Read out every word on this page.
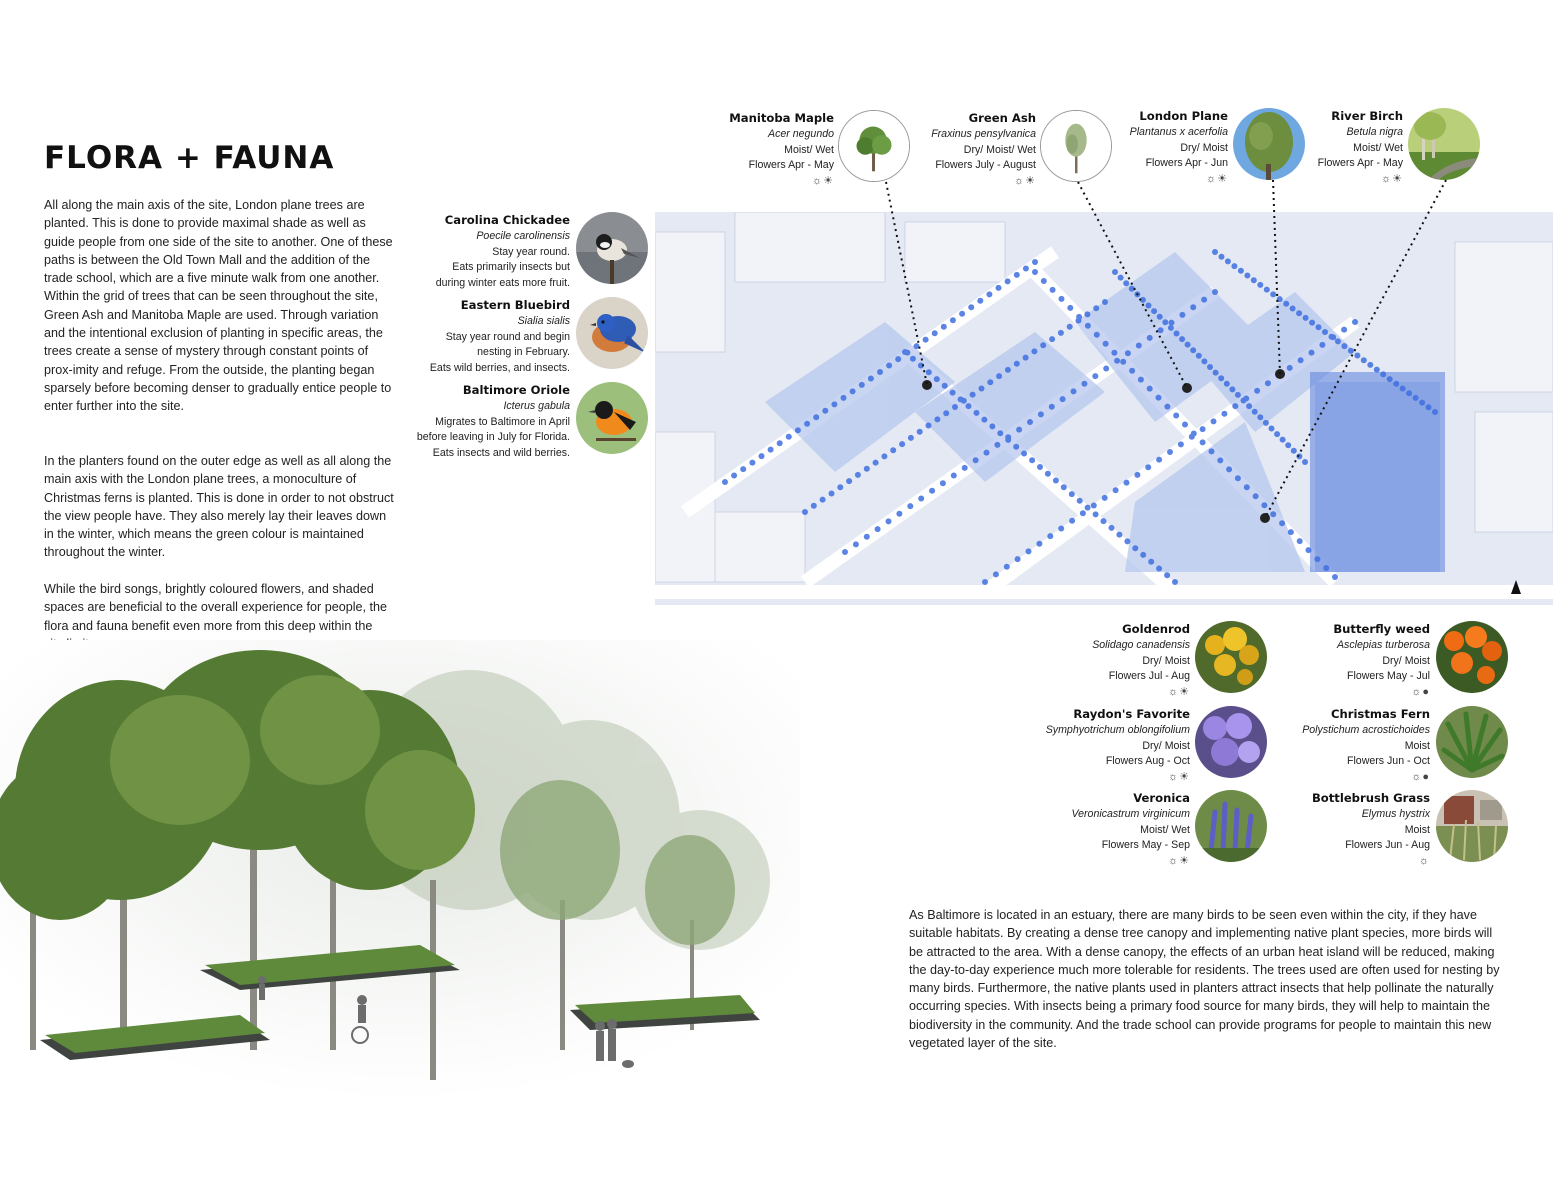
FLORA + FAUNA

All along the main axis of the site, London plane trees are planted. This is done to provide maximal shade as well as guide people from one side of the site to another. One of these paths is between the Old Town Mall and the addition of the trade school, which are a five minute walk from one another. Within the grid of trees that can be seen throughout the site, Green Ash and Manitoba Maple are used. Through variation and the intentional exclusion of planting in specific areas, the trees create a sense of mystery through constant points of prox-imity and refuge. From the outside, the planting began sparsely before becoming denser to gradually entice people to enter further into the site.

In the planters found on the outer edge as well as all along the main axis with the London plane trees, a monoculture of Christmas ferns is planted. This is done in order to not obstruct the view people have. They also merely lay their leaves down in the winter, which means the green colour is maintained throughout the winter.

While the bird songs, brightly coloured flowers, and shaded spaces are beneficial to the overall experience for people, the flora and fauna benefit even more from this deep within the

Carolina Chickadee
Poecile carolinensis
Stay year round.
Eats primarily insects but
during winter eats more fruit.
Eastern Bluebird
Sialia sialis
Stay year round and begin
nesting in February.
Eats wild berries, and insects.
Baltimore Oriole
Icterus gabula
Migrates to Baltimore in April
before leaving in July for Florida.
Eats insects and wild berries.
Manitoba Maple
Acer negundo
Moist/ Wet
Flowers Apr - May
☼☀
Green Ash
Fraxinus pensylvanica
Dry/ Moist/ Wet
Flowers July - August
☼☀
London Plane
Plantanus x acerfolia
Dry/ Moist
Flowers Apr - Jun
☼☀
River Birch
Betula nigra
Moist/ Wet
Flowers Apr - May
☼☀
Goldenrod
Solidago canadensis
Dry/ Moist
Flowers Jul - Aug
☼☀
Butterfly weed
Asclepias turberosa
Dry/ Moist
Flowers May - Jul
☼●
Raydon's Favorite
Symphyotrichum oblongifolium
Dry/ Moist
Flowers Aug - Oct
☼☀
Christmas Fern
Polystichum acrostichoides
Moist
Flowers Jun - Oct
☼●
Veronica
Veronicastrum virginicum
Moist/ Wet
Flowers May - Sep
☼☀
Bottlebrush Grass
Elymus hystrix
Moist
Flowers Jun - Aug
☼

As Baltimore is located in an estuary, there are many birds to be seen even within the city, if they have suitable habitats. By creating a dense tree canopy and implementing native plant species, more birds will be attracted to the area. With a dense canopy, the effects of an urban heat island will be reduced, making the day-to-day experience much more tolerable for residents. The trees used are often used for nesting by many birds. Furthermore, the native plants used in planters attract insects that help pollinate the naturally occurring species. With insects being a primary food source for many birds, they will help to maintain the biodiversity in the community. And the trade school can provide programs for people to maintain this new vegetated layer of the site.
